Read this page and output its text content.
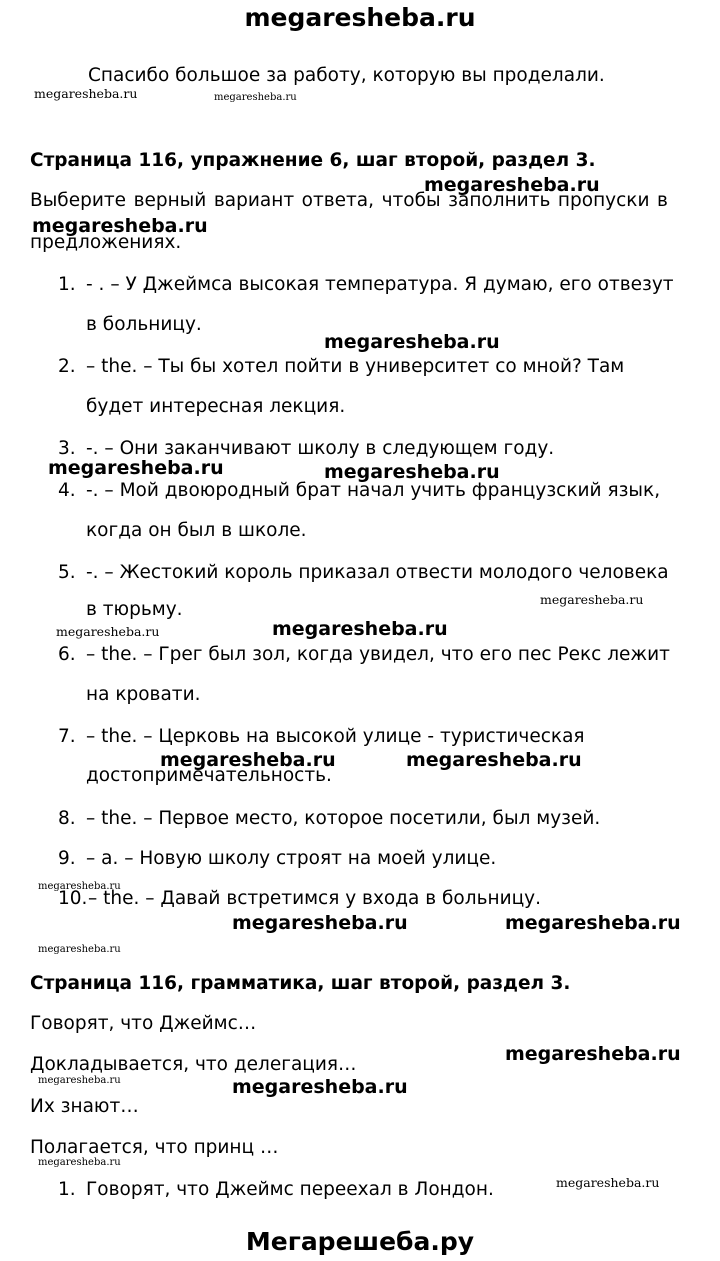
megaresheba.ru
Спасибо большое за работу, которую вы проделали.
Страница 116, упражнение 6, шаг второй, раздел 3.
Выберите верный вариант ответа, чтобы заполнить пропуски в
предложениях.
1. - . – У Джеймса высокая температура. Я думаю, его отвезут
в больницу.
2. – the. – Ты бы хотел пойти в университет со мной? Там
будет интересная лекция.
3. -. – Они заканчивают школу в следующем году.
4. -. – Мой двоюродный брат начал учить французский язык,
когда он был в школе.
5. -. – Жестокий король приказал отвести молодого человека
в тюрьму.
6. – the. – Грег был зол, когда увидел, что его пес Рекс лежит
на кровати.
7. – the. – Церковь на высокой улице - туристическая
достопримечательность.
8. – the. – Первое место, которое посетили, был музей.
9. – a. – Новую школу строят на моей улице.
10.– the. – Давай встретимся у входа в больницу.
Страница 116, грамматика, шаг второй, раздел 3.
Говорят, что Джеймс…
Докладывается, что делегация…
Их знают…
Полагается, что принц …
1. Говорят, что Джеймс переехал в Лондон.
Мегарешеба.ру
megaresheba.ru
megaresheba.ru
megaresheba.ru
megaresheba.ru	megaresheba.ru
megaresheba.ru
megaresheba.ru	megaresheba.ru
megaresheba.ru	megaresheba.ru
megaresheba.ru
megaresheba.ru
megaresheba.ru	megaresheba.ru
megaresheba.ru
megaresheba.ru
megaresheba.ru
megaresheba.ru
megaresheba.ru
megaresheba.ru
megaresheba.ru
